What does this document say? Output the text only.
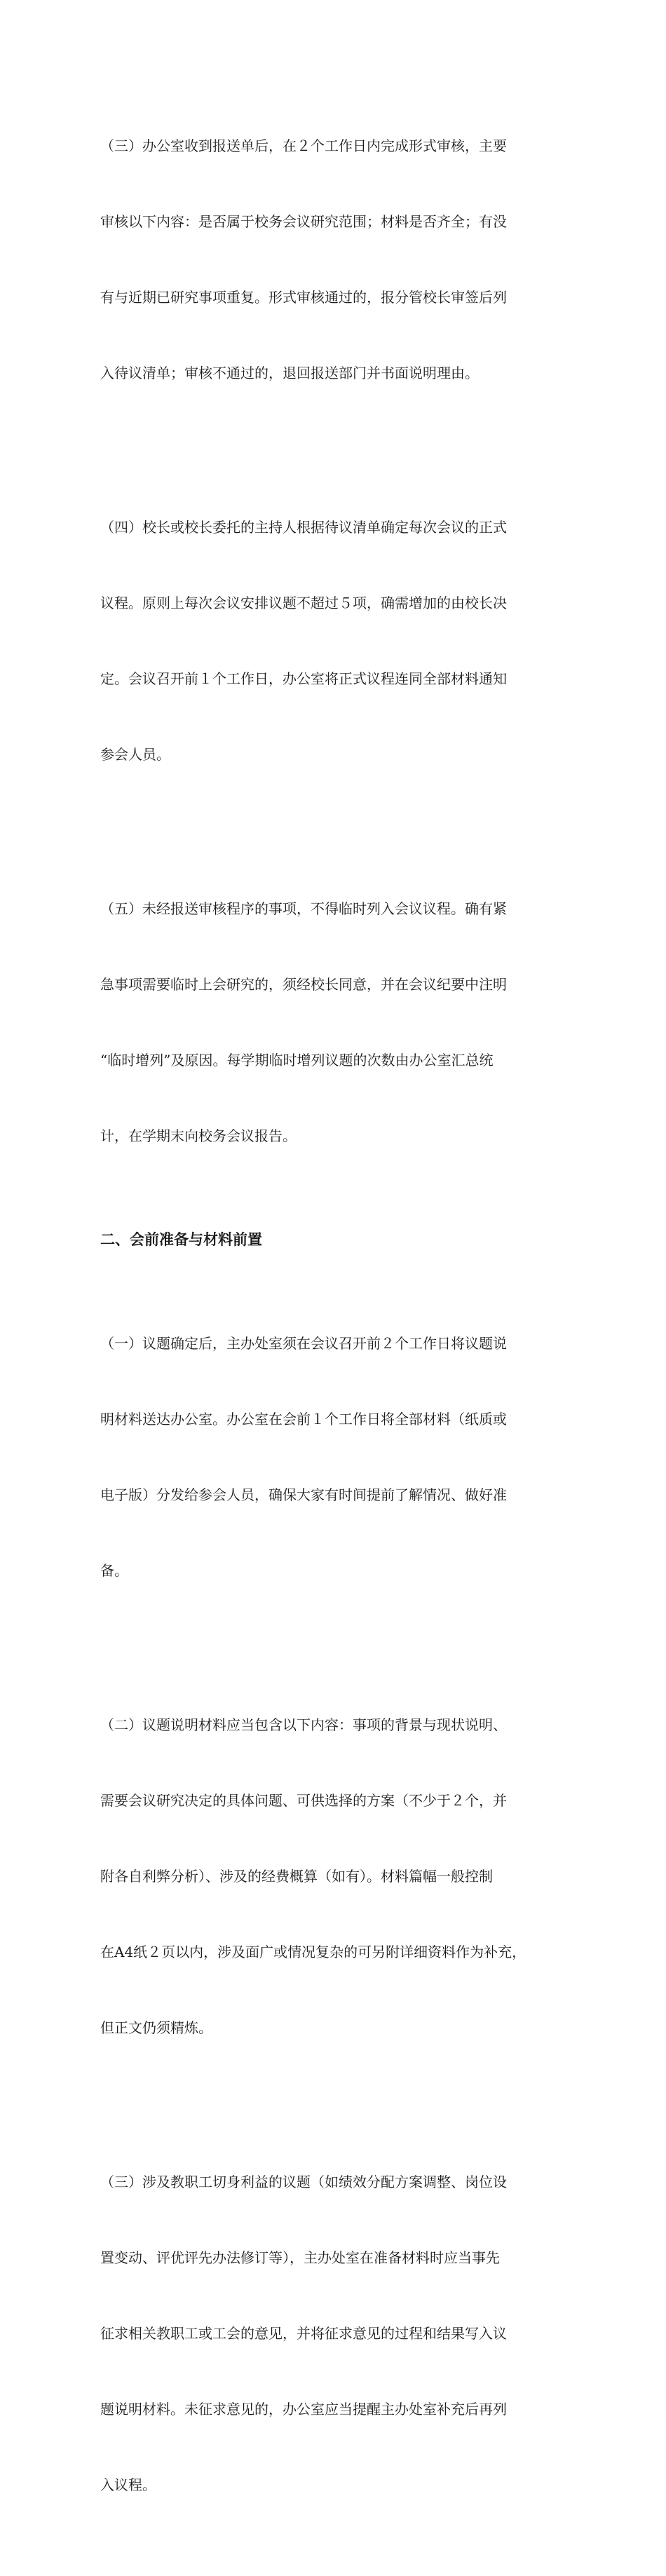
（三）办公室收到报送单后，在２个工作日内完成形式审核，主要

审核以下内容：是否属于校务会议研究范围；材料是否齐全；有没

有与近期已研究事项重复。形式审核通过的，报分管校长审签后列

入待议清单；审核不通过的，退回报送部门并书面说明理由。

（四）校长或校长委托的主持人根据待议清单确定每次会议的正式

议程。原则上每次会议安排议题不超过５项，确需增加的由校长决

定。会议召开前１个工作日，办公室将正式议程连同全部材料通知

参会人员。

（五）未经报送审核程序的事项，不得临时列入会议议程。确有紧

急事项需要临时上会研究的，须经校长同意，并在会议纪要中注明

“临时增列”及原因。每学期临时增列议题的次数由办公室汇总统

计，在学期末向校务会议报告。

二、会前准备与材料前置

（一）议题确定后，主办处室须在会议召开前２个工作日将议题说

明材料送达办公室。办公室在会前１个工作日将全部材料（纸质或

电子版）分发给参会人员，确保大家有时间提前了解情况、做好准

备。

（二）议题说明材料应当包含以下内容：事项的背景与现状说明、

需要会议研究决定的具体问题、可供选择的方案（不少于２个，并

附各自利弊分析）、涉及的经费概算（如有）。材料篇幅一般控制

在A4纸２页以内，涉及面广或情况复杂的可另附详细资料作为补充，

但正文仍须精炼。

（三）涉及教职工切身利益的议题（如绩效分配方案调整、岗位设

置变动、评优评先办法修订等），主办处室在准备材料时应当事先

征求相关教职工或工会的意见，并将征求意见的过程和结果写入议

题说明材料。未征求意见的，办公室应当提醒主办处室补充后再列

入议程。
